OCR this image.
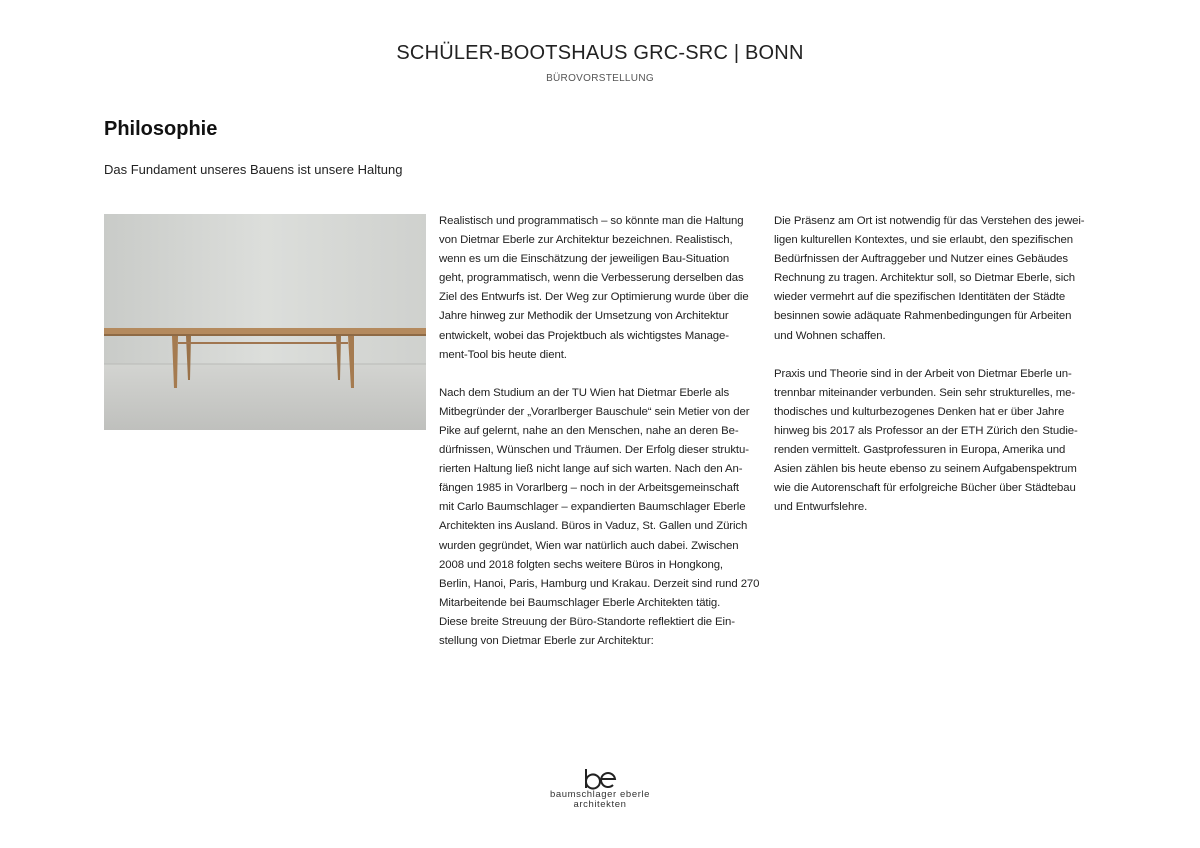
SCHÜLER-BOOTSHAUS GRC-SRC | BONN
BÜROVORSTELLUNG
Philosophie
Das Fundament unseres Bauens ist unsere Haltung

Realistisch und programmatisch – so könnte man die Haltung

von Dietmar Eberle zur Architektur bezeichnen. Realistisch,

wenn es um die Einschätzung der jeweiligen Bau-Situation

geht, programmatisch, wenn die Verbesserung derselben das

Ziel des Entwurfs ist. Der Weg zur Optimierung wurde über die

Jahre hinweg zur Methodik der Umsetzung von Architektur

entwickelt, wobei das Projektbuch als wichtigstes Manage-

ment-Tool bis heute dient.

Nach dem Studium an der TU Wien hat Dietmar Eberle als

Mitbegründer der „Vorarlberger Bauschule“ sein Metier von der

Pike auf gelernt, nahe an den Menschen, nahe an deren Be-

dürfnissen, Wünschen und Träumen. Der Erfolg dieser struktu-

rierten Haltung ließ nicht lange auf sich warten. Nach den An-

fängen 1985 in Vorarlberg – noch in der Arbeitsgemeinschaft

mit Carlo Baumschlager – expandierten Baumschlager Eberle

Architekten ins Ausland. Büros in Vaduz, St. Gallen und Zürich

wurden gegründet, Wien war natürlich auch dabei. Zwischen

2008 und 2018 folgten sechs weitere Büros in Hongkong,

Berlin, Hanoi, Paris, Hamburg und Krakau. Derzeit sind rund 270

Mitarbeitende bei Baumschlager Eberle Architekten tätig.

Diese breite Streuung der Büro-Standorte reflektiert die Ein-

stellung von Dietmar Eberle zur Architektur:

Die Präsenz am Ort ist notwendig für das Verstehen des jewei-

ligen kulturellen Kontextes, und sie erlaubt, den spezifischen

Bedürfnissen der Auftraggeber und Nutzer eines Gebäudes

Rechnung zu tragen. Architektur soll, so Dietmar Eberle, sich

wieder vermehrt auf die spezifischen Identitäten der Städte

besinnen sowie adäquate Rahmenbedingungen für Arbeiten

und Wohnen schaffen.

Praxis und Theorie sind in der Arbeit von Dietmar Eberle un-

trennbar miteinander verbunden. Sein sehr strukturelles, me-

thodisches und kulturbezogenes Denken hat er über Jahre

hinweg bis 2017 als Professor an der ETH Zürich den Studie-

renden vermittelt. Gastprofessuren in Europa, Amerika und

Asien zählen bis heute ebenso zu seinem Aufgabenspektrum

wie die Autorenschaft für erfolgreiche Bücher über Städtebau

und Entwurfslehre.

baumschlager eberle
architekten
